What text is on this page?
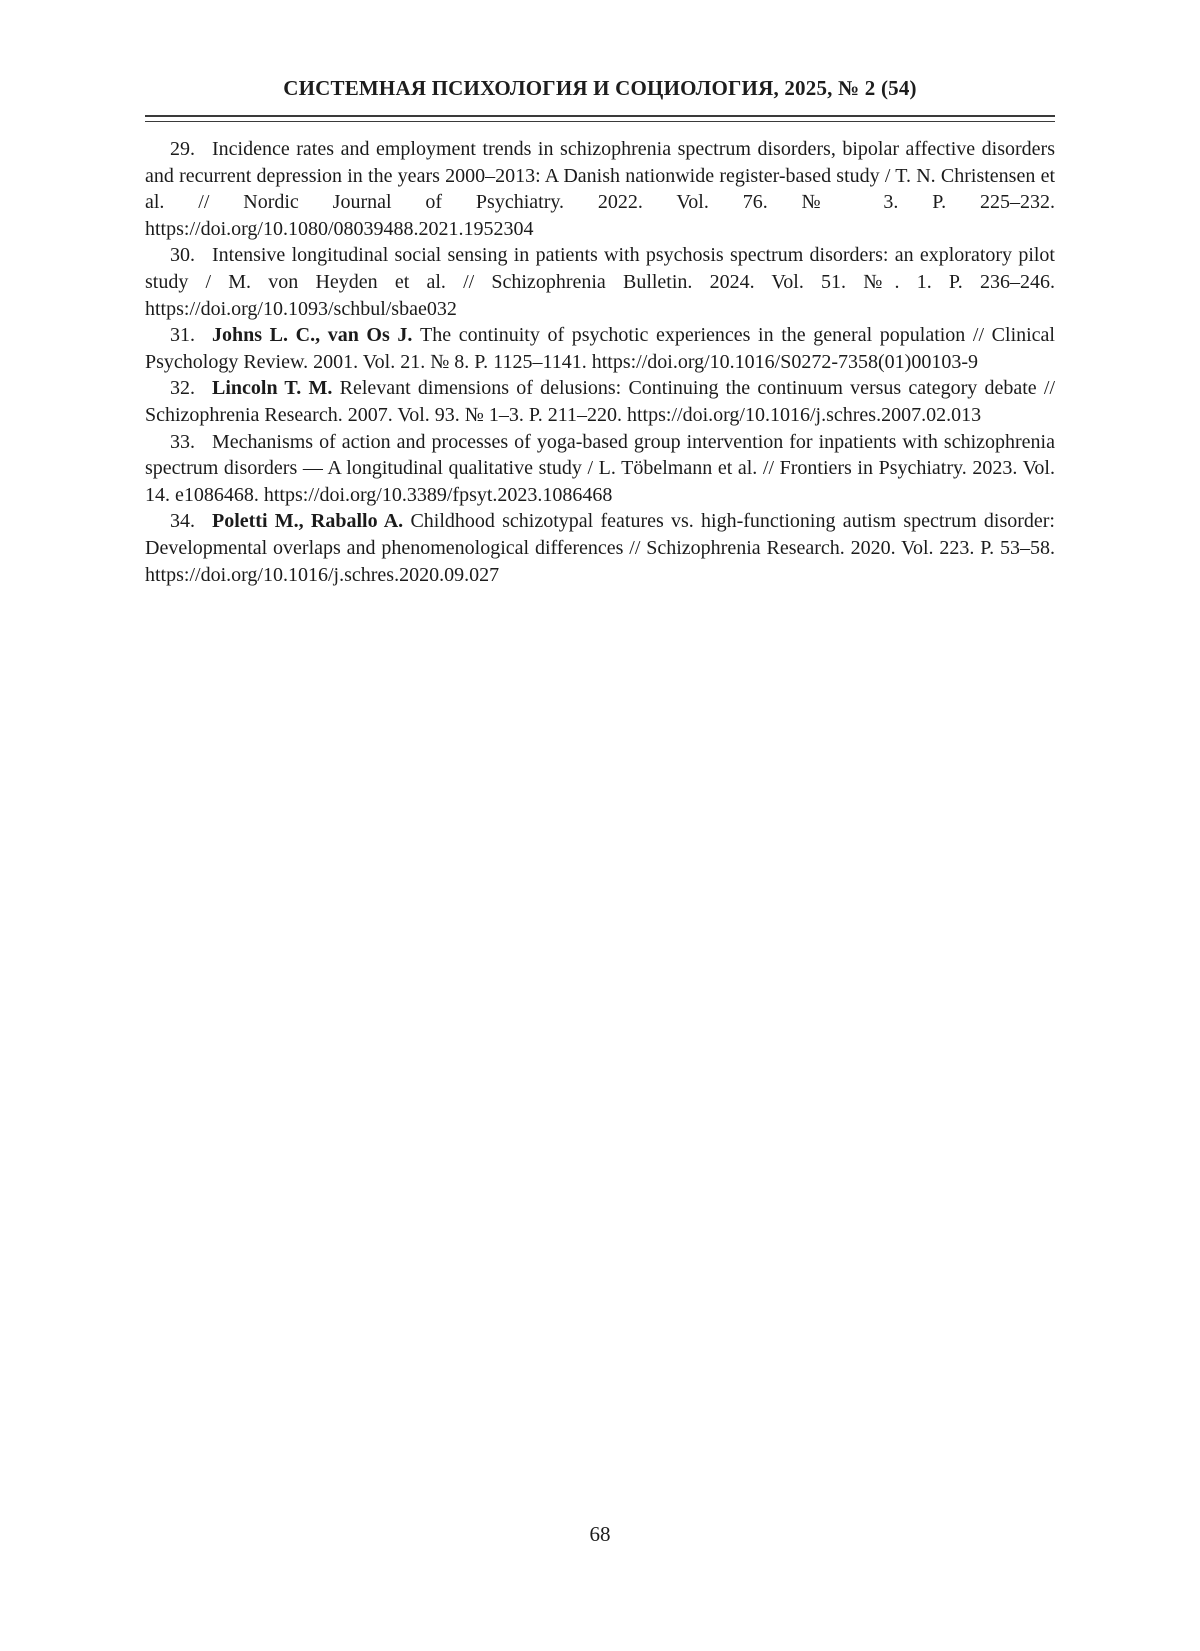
СИСТЕМНАЯ ПСИХОЛОГИЯ И СОЦИОЛОГИЯ, 2025, № 2 (54)

29. Incidence rates and employment trends in schizophrenia spectrum disorders, bipolar affective disorders and recurrent depression in the years 2000–2013: A Danish nationwide register-based study / T. N. Christensen et al. // Nordic Journal of Psychiatry. 2022. Vol. 76. № 3. P. 225–232. https://doi.org/10.1080/08039488.2021.1952304

30. Intensive longitudinal social sensing in patients with psychosis spectrum disorders: an exploratory pilot study / M. von Heyden et al. // Schizophrenia Bulletin. 2024. Vol. 51. №. 1. P. 236–246. https://doi.org/10.1093/schbul/sbae032

31. Johns L. C., van Os J. The continuity of psychotic experiences in the general population // Clinical Psychology Review. 2001. Vol. 21. № 8. P. 1125–1141. https://doi.org/10.1016/S0272-7358(01)00103-9

32. Lincoln T. M. Relevant dimensions of delusions: Continuing the continuum versus category debate // Schizophrenia Research. 2007. Vol. 93. № 1–3. P. 211–220. https://doi.org/10.1016/j.schres.2007.02.013

33. Mechanisms of action and processes of yoga-based group intervention for inpatients with schizophrenia spectrum disorders — A longitudinal qualitative study / L. Töbelmann et al. // Frontiers in Psychiatry. 2023. Vol. 14. e1086468. https://doi.org/10.3389/fpsyt.2023.1086468

34. Poletti M., Raballo A. Childhood schizotypal features vs. high-functioning autism spectrum disorder: Developmental overlaps and phenomenological differences // Schizophrenia Research. 2020. Vol. 223. P. 53–58. https://doi.org/10.1016/j.schres.2020.09.027

68
